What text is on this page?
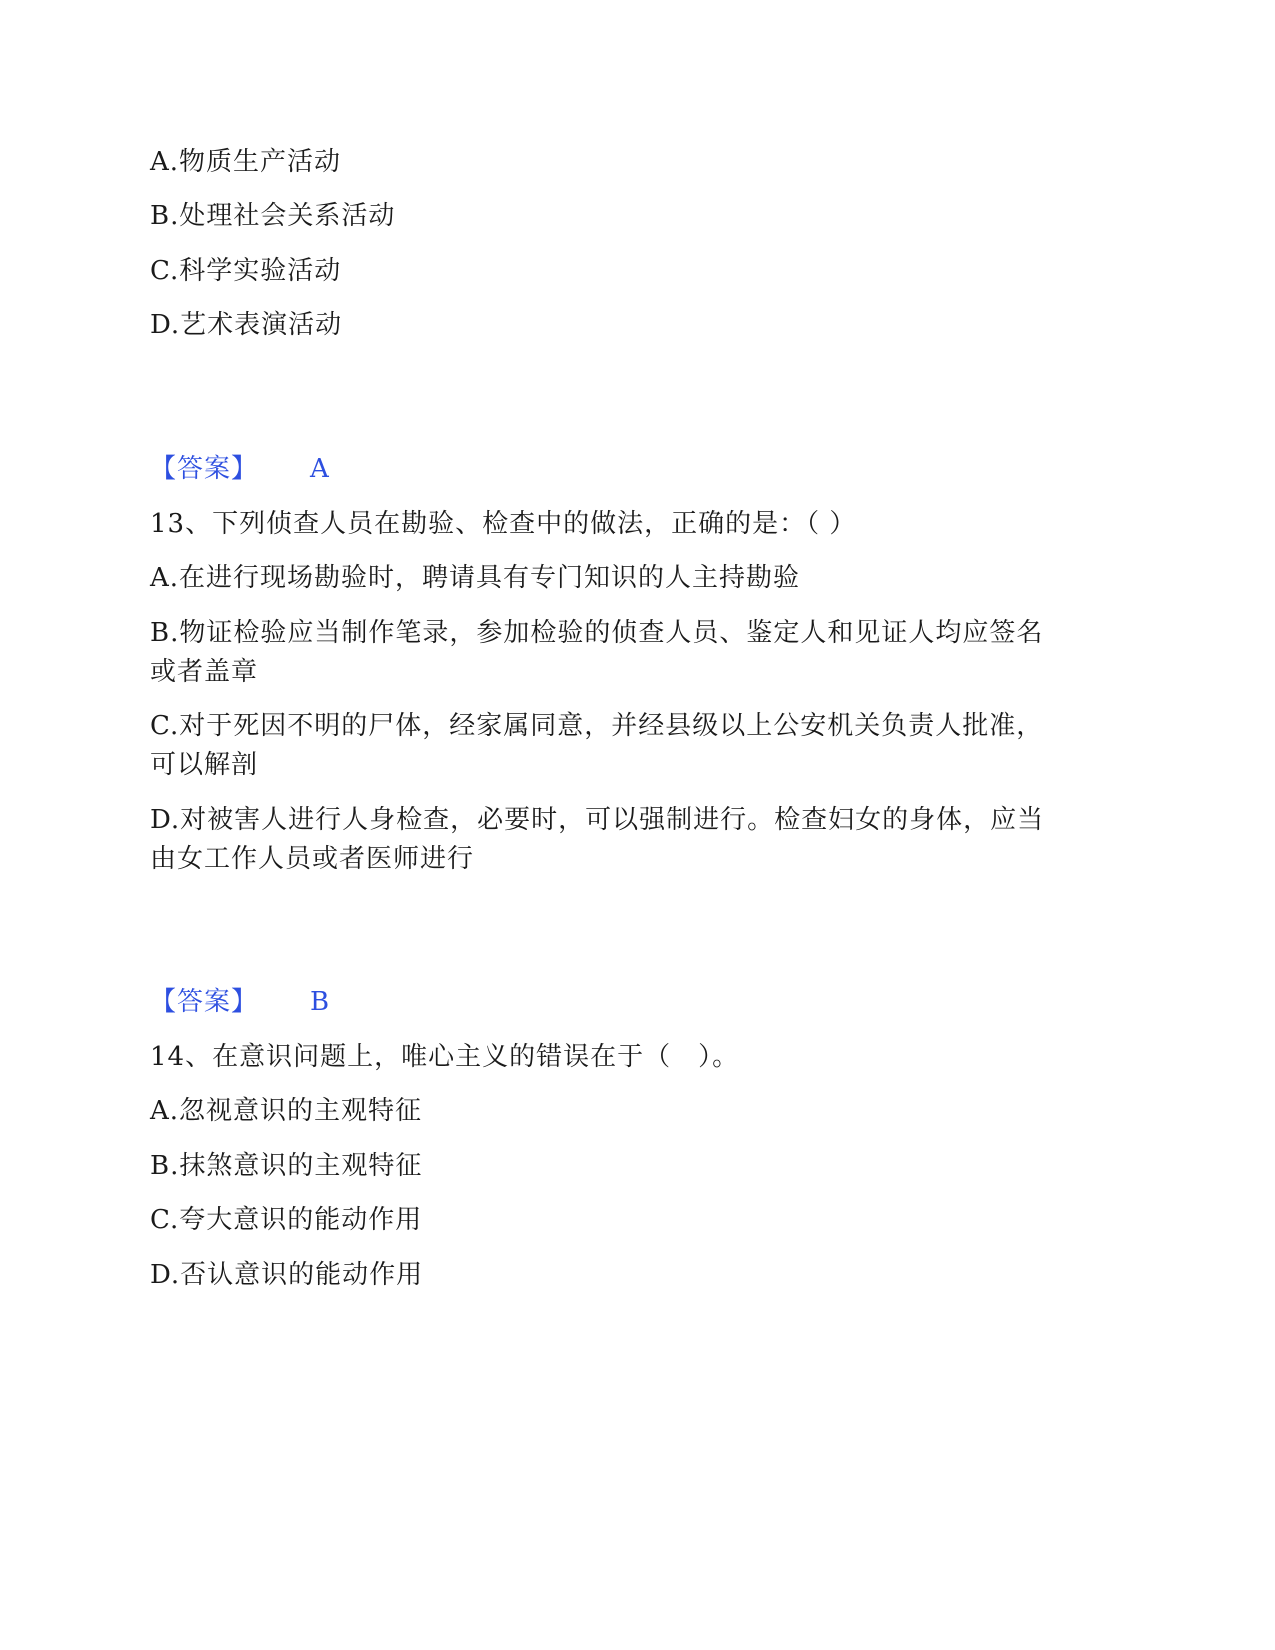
A.物质生产活动
B.处理社会关系活动
C.科学实验活动
D.艺术表演活动
【答案】 A
13、下列侦查人员在勘验、检查中的做法，正确的是：（ ）
A.在进行现场勘验时，聘请具有专门知识的人主持勘验
B.物证检验应当制作笔录，参加检验的侦查人员、鉴定人和见证人均应签名
或者盖章
C.对于死因不明的尸体，经家属同意，并经县级以上公安机关负责人批准，
可以解剖
D.对被害人进行人身检查，必要时，可以强制进行。检查妇女的身体，应当
由女工作人员或者医师进行
【答案】 B
14、在意识问题上，唯心主义的错误在于（　）。
A.忽视意识的主观特征
B.抹煞意识的主观特征
C.夸大意识的能动作用
D.否认意识的能动作用
